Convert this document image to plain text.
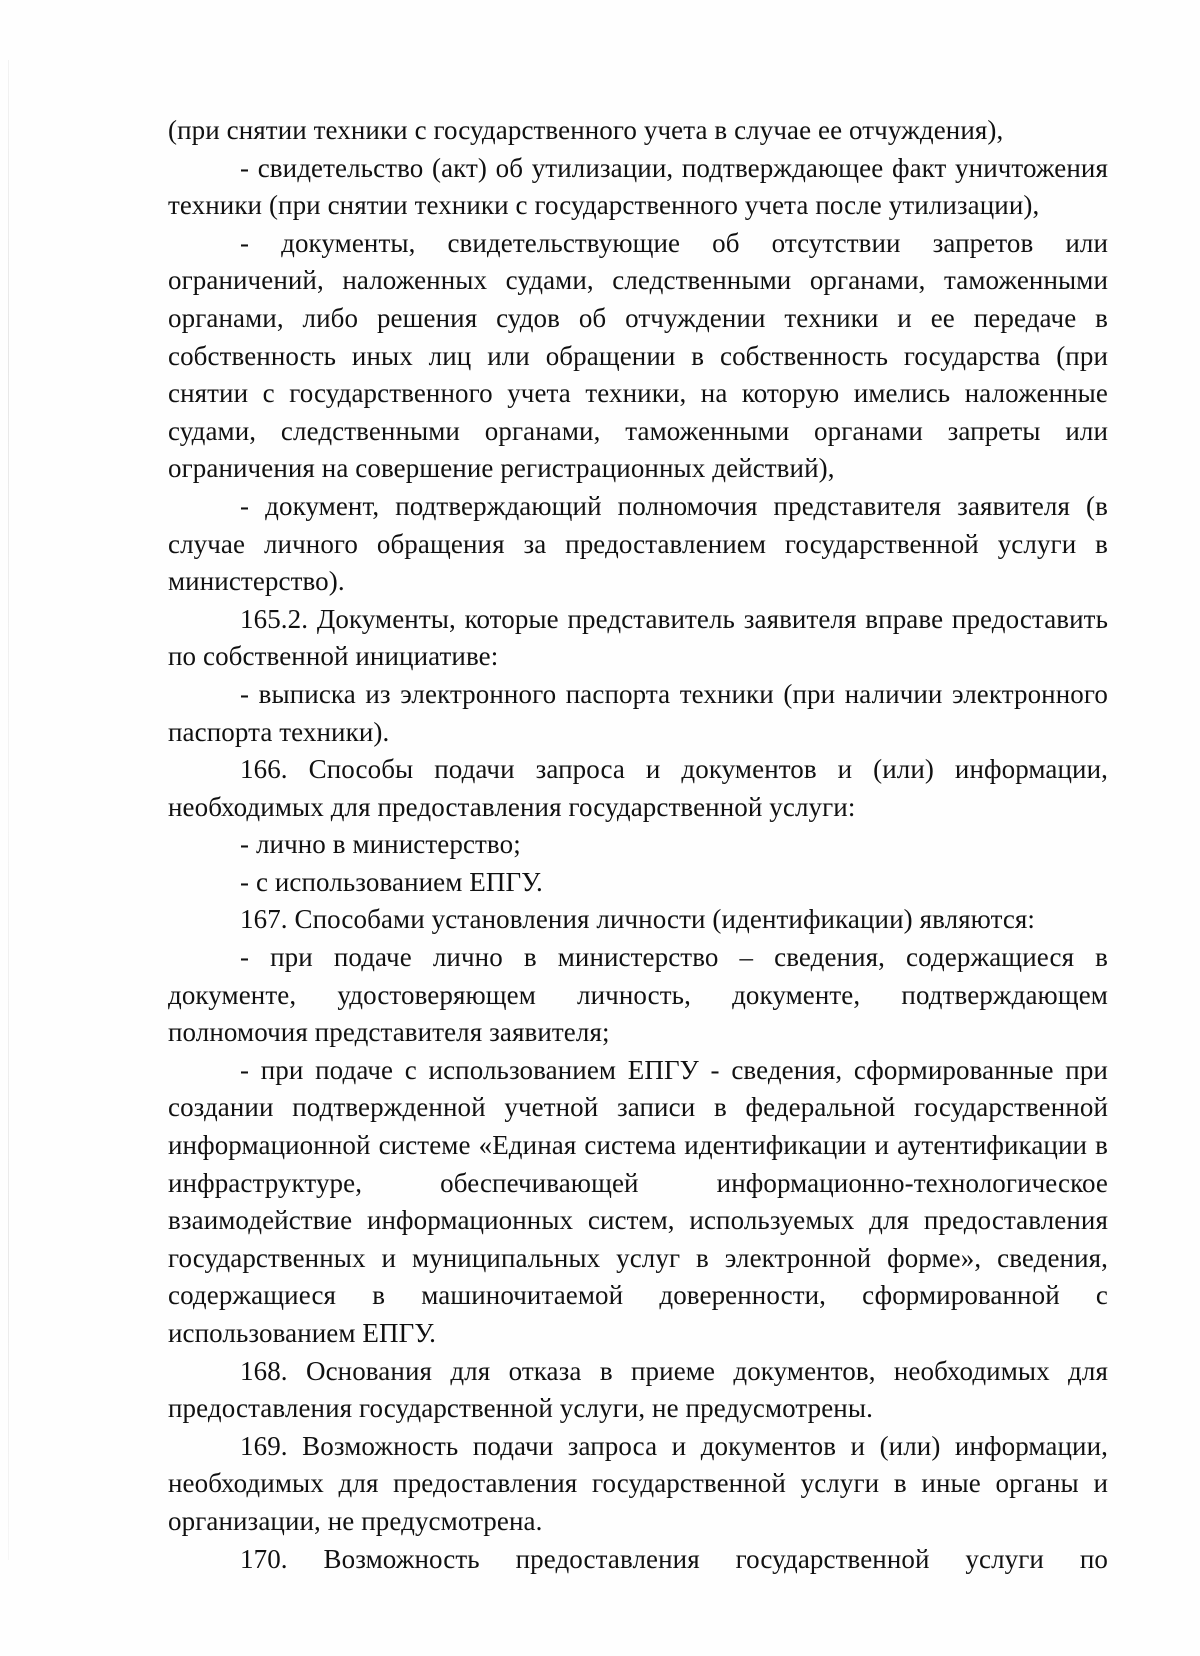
(при снятии техники с государственного учета в случае ее отчуждения),

- свидетельство (акт) об утилизации, подтверждающее факт уничтожения техники (при снятии техники с государственного учета после утилизации),

- документы, свидетельствующие об отсутствии запретов или ограничений, наложенных судами, следственными органами, таможенными органами, либо решения судов об отчуждении техники и ее передаче в собственность иных лиц или обращении в собственность государства (при снятии с государственного учета техники, на которую имелись наложенные судами, следственными органами, таможенными органами запреты или ограничения на совершение регистрационных действий),

- документ, подтверждающий полномочия представителя заявителя (в случае личного обращения за предоставлением государственной услуги в министерство).

165.2. Документы, которые представитель заявителя вправе предоставить по собственной инициативе:

- выписка из электронного паспорта техники (при наличии электронного паспорта техники).

166. Способы подачи запроса и документов и (или) информации, необходимых для предоставления государственной услуги:

- лично в министерство;

- с использованием ЕПГУ.

167. Способами установления личности (идентификации) являются:

- при подаче лично в министерство – сведения, содержащиеся в документе, удостоверяющем личность, документе, подтверждающем полномочия представителя заявителя;

- при подаче с использованием ЕПГУ - сведения, сформированные при создании подтвержденной учетной записи в федеральной государственной информационной системе «Единая система идентификации и аутентификации в инфраструктуре, обеспечивающей информационно-технологическое взаимодействие информационных систем, используемых для предоставления государственных и муниципальных услуг в электронной форме», сведения, содержащиеся в машиночитаемой доверенности, сформированной с использованием ЕПГУ.

168. Основания для отказа в приеме документов, необходимых для предоставления государственной услуги, не предусмотрены.

169. Возможность подачи запроса и документов и (или) информации, необходимых для предоставления государственной услуги в иные органы и организации, не предусмотрена.

170. Возможность предоставления государственной услуги по
